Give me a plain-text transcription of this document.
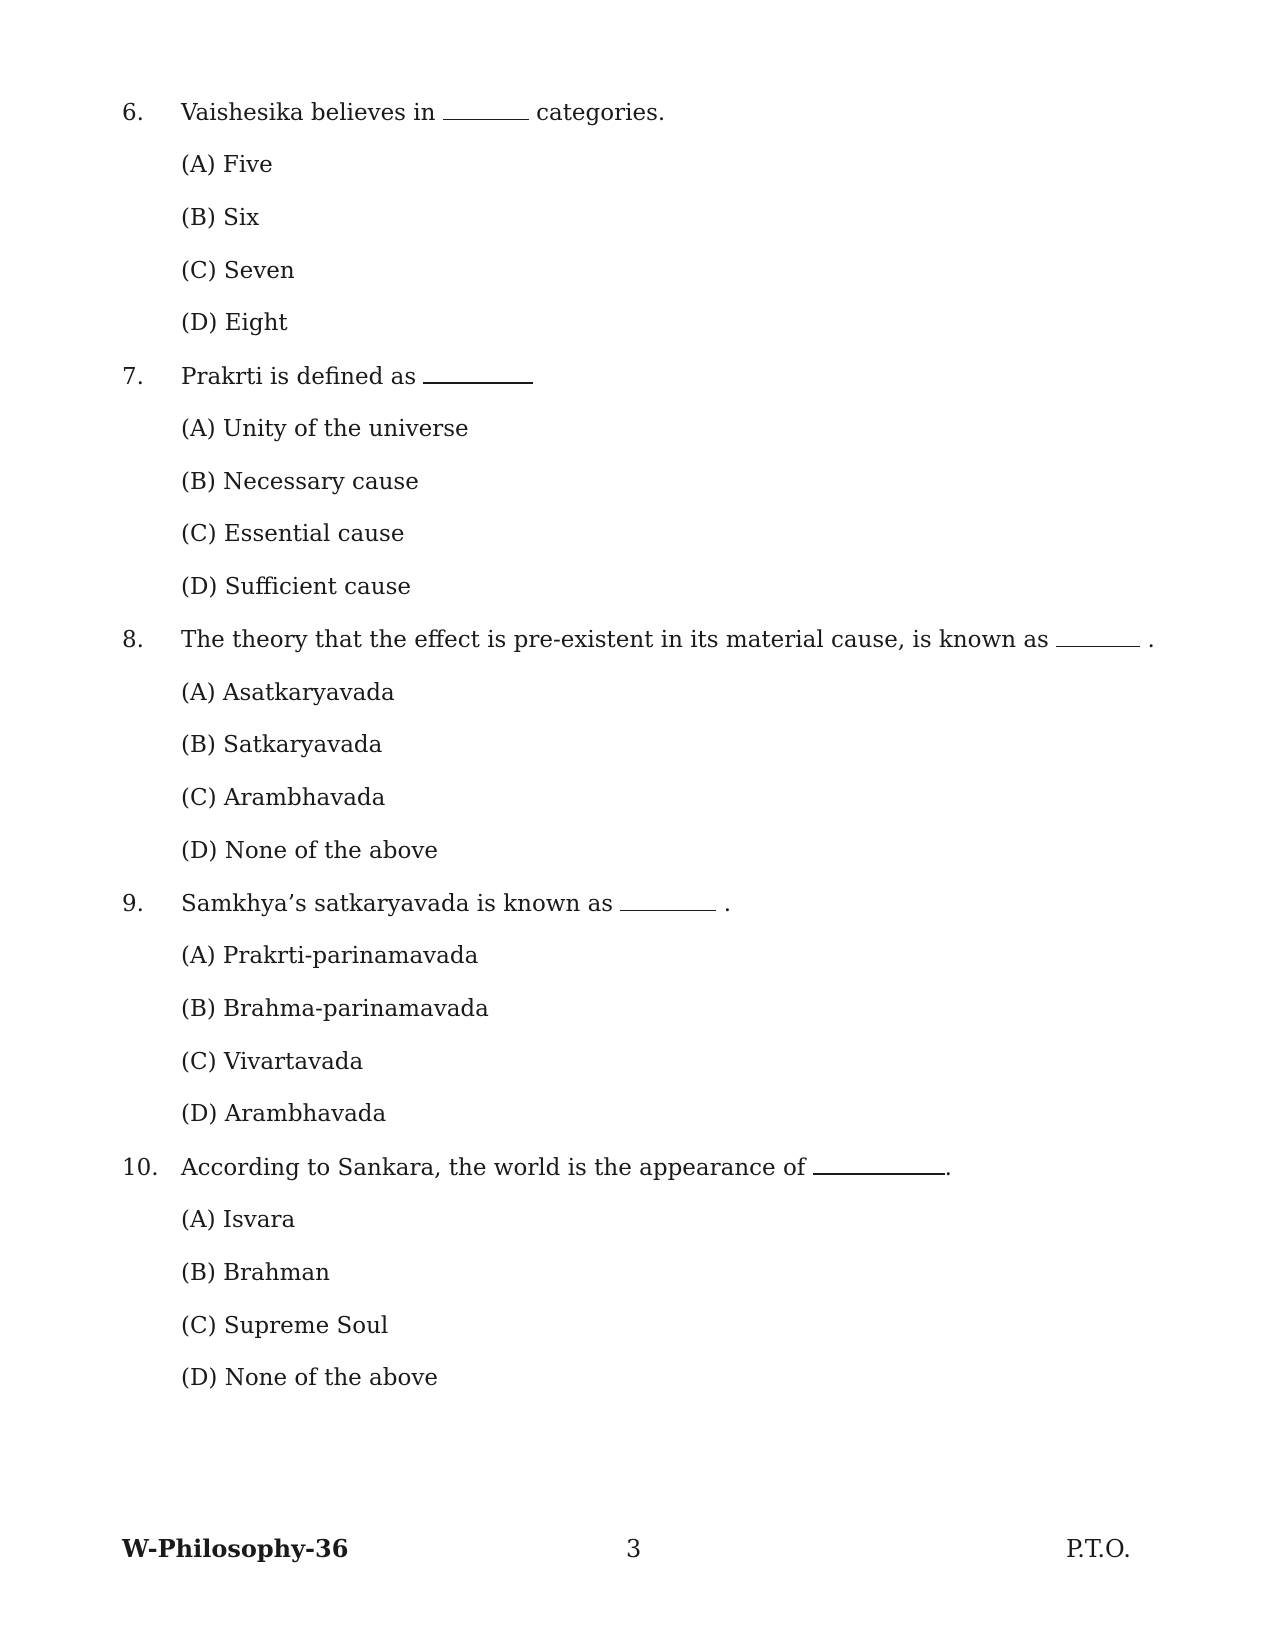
6. Vaishesika believes in	categories.
(A) Five
(B) Six
(C) Seven
(D) Eight
7. Prakrti is defined as
(A) Unity of the universe
(B) Necessary cause
(C) Essential cause
(D) Sufficient cause
8. The theory that the effect is pre-existent in its material cause, is known as	.
(A) Asatkaryavada
(B) Satkaryavada
(C) Arambhavada
(D) None of the above
9. Samkhya’s satkaryavada is known as	.
(A) Prakrti-parinamavada
(B) Brahma-parinamavada
(C) Vivartavada
(D) Arambhavada
10. According to Sankara, the world is the appearance of	.
(A) Isvara
(B) Brahman
(C) Supreme Soul
(D) None of the above
W-Philosophy-36	3	P.T.O.
